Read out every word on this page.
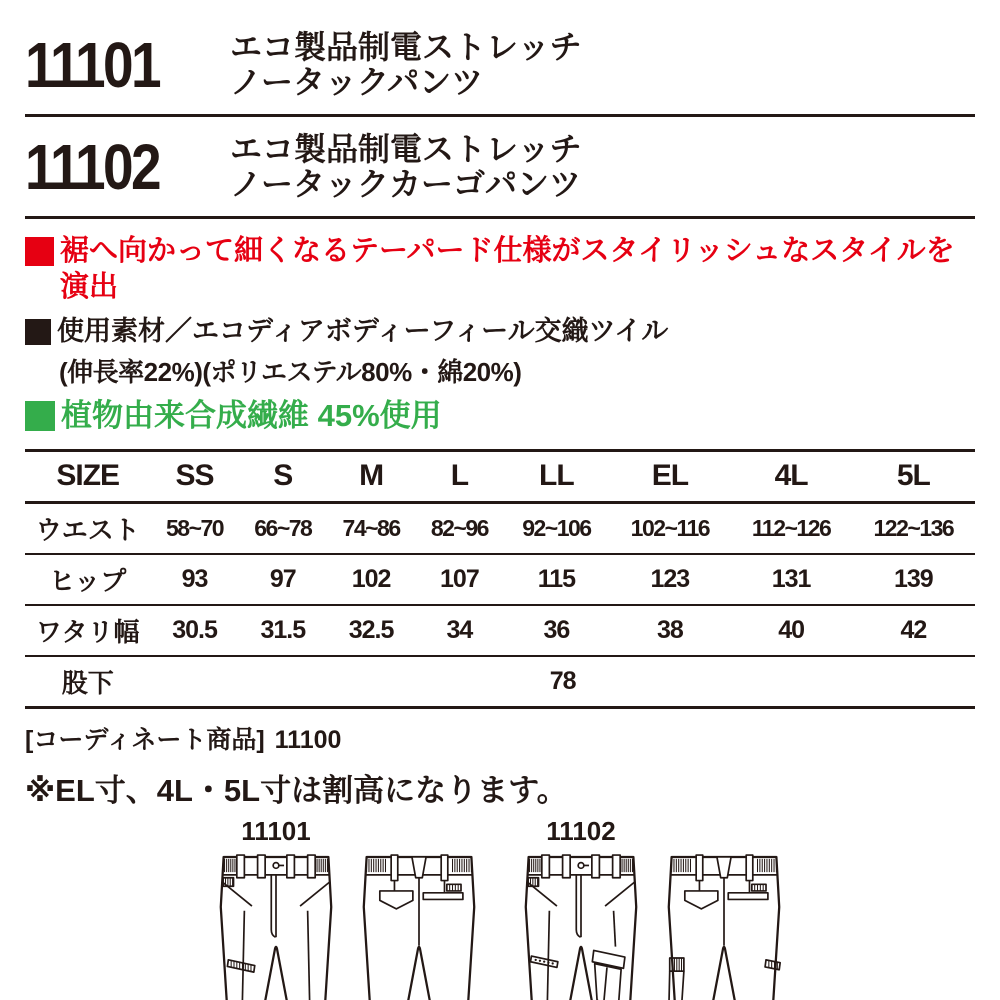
11101	エコ製品制電ストレッチ
ノータックパンツ
11102	エコ製品制電ストレッチ
ノータックカーゴパンツ
裾へ向かって細くなるテーパード仕様がスタイリッシュなスタイルを演出
使用素材／エコディアボディーフィール交織ツイル
(伸長率22%)(ポリエステル80%・綿20%)
植物由来合成繊維 45%使用
SIZE	SS	S	M	L	LL	EL	4L	5L
ウエスト	58~70	66~78	74~86	82~96	92~106	102~116	112~126	122~136
ヒップ	93	97	102	107	115	123	131	139
ワタリ幅	30.5	31.5	32.5	34	36	38	40	42
股下	78							
[コーディネート商品] 11100
※EL寸、4L・5L寸は割高になります。
11101	11102
